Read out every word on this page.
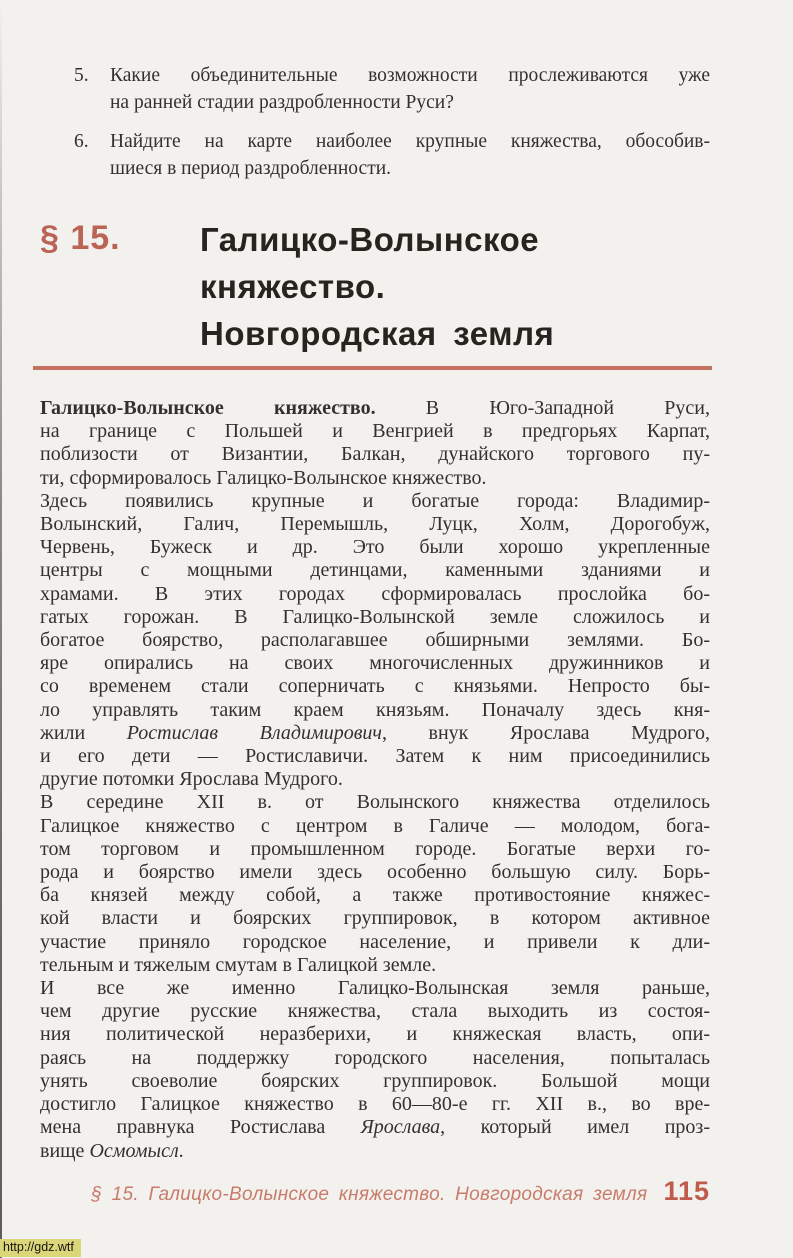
5.	Какие объединительные возможности прослеживаются уже
на ранней стадии раздробленности Руси?
6.	Найдите на карте наиболее крупные княжества, обособив-
шиеся в период раздробленности.
§ 15.	Галицко-Волынское
княжество.
Новгородская земля
Галицко-Волынское княжество. В Юго-Западной Руси,
на границе с Польшей и Венгрией в предгорьях Карпат,
поблизости от Византии, Балкан, дунайского торгового пу-
ти, сформировалось Галицко-Волынское княжество.
Здесь появились крупные и богатые города: Владимир-
Волынский, Галич, Перемышль, Луцк, Холм, Дорогобуж,
Червень, Бужеск и др. Это были хорошо укрепленные
центры с мощными детинцами, каменными зданиями и
храмами. В этих городах сформировалась прослойка бо-
гатых горожан. В Галицко-Волынской земле сложилось и
богатое боярство, располагавшее обширными землями. Бо-
яре опирались на своих многочисленных дружинников и
со временем стали соперничать с князьями. Непросто бы-
ло управлять таким краем князьям. Поначалу здесь кня-
жили Ростислав Владимирович, внук Ярослава Мудрого,
и его дети — Ростиславичи. Затем к ним присоединились
другие потомки Ярослава Мудрого.
В середине XII в. от Волынского княжества отделилось
Галицкое княжество с центром в Галиче — молодом, бога-
том торговом и промышленном городе. Богатые верхи го-
рода и боярство имели здесь особенно большую силу. Борь-
ба князей между собой, а также противостояние княжес-
кой власти и боярских группировок, в котором активное
участие приняло городское население, и привели к дли-
тельным и тяжелым смутам в Галицкой земле.
И все же именно Галицко-Волынская земля раньше,
чем другие русские княжества, стала выходить из состоя-
ния политической неразберихи, и княжеская власть, опи-
раясь на поддержку городского населения, попыталась
унять своеволие боярских группировок. Большой мощи
достигло Галицкое княжество в 60—80-е гг. XII в., во вре-
мена правнука Ростислава Ярослава, который имел проз-
вище Осмомысл.
§ 15. Галицко-Волынское княжество. Новгородская земля 115
http://gdz.wtf
